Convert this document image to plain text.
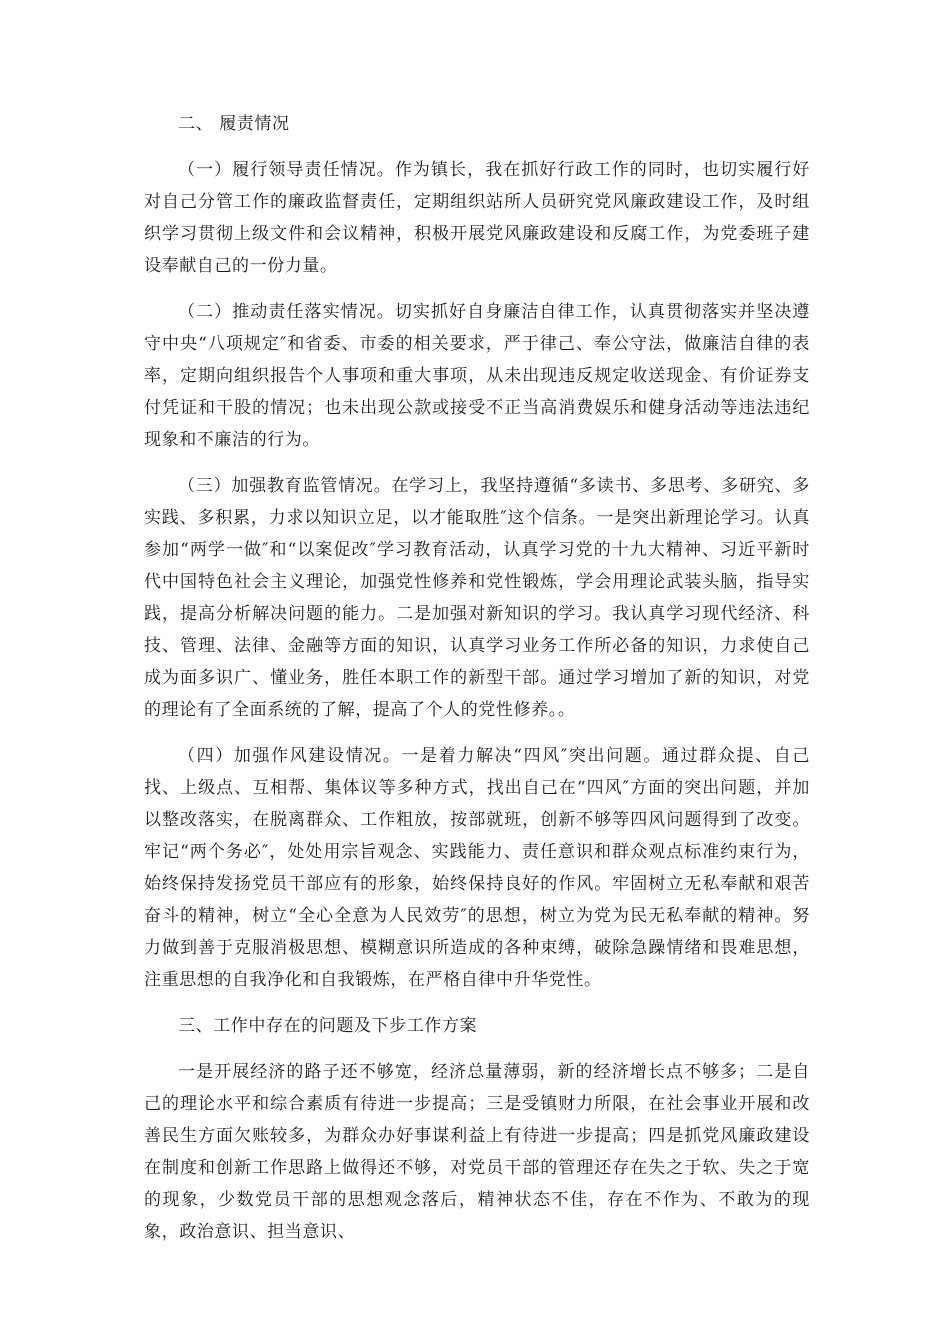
二、 履责情况

（一）履行领导责任情况。作为镇长，我在抓好行政工作的同时，也切实履行好对自己分管工作的廉政监督责任，定期组织站所人员研究党风廉政建设工作，及时组织学习贯彻上级文件和会议精神，积极开展党风廉政建设和反腐工作，为党委班子建设奉献自己的一份力量。

（二）推动责任落实情况。切实抓好自身廉洁自律工作，认真贯彻落实并坚决遵守中央“八项规定″和省委、市委的相关要求，严于律己、奉公守法，做廉洁自律的表率，定期向组织报告个人事项和重大事项，从未出现违反规定收送现金、有价证券支付凭证和干股的情况；也未出现公款或接受不正当高消费娱乐和健身活动等违法违纪现象和不廉洁的行为。

（三）加强教育监管情况。在学习上，我坚持遵循“多读书、多思考、多研究、多实践、多积累，力求以知识立足，以才能取胜″这个信条。一是突出新理论学习。认真参加“两学一做″和“以案促改″学习教育活动，认真学习党的十九大精神、习近平新时代中国特色社会主义理论，加强党性修养和党性锻炼，学会用理论武装头脑，指导实践，提高分析解决问题的能力。二是加强对新知识的学习。我认真学习现代经济、科技、管理、法律、金融等方面的知识，认真学习业务工作所必备的知识，力求使自己成为面多识广、懂业务，胜任本职工作的新型干部。通过学习增加了新的知识，对党的理论有了全面系统的了解，提高了个人的党性修养。。

（四）加强作风建设情况。一是着力解决“四风″突出问题。通过群众提、自己找、上级点、互相帮、集体议等多种方式，找出自己在“四风″方面的突出问题，并加以整改落实，在脱离群众、工作粗放，按部就班，创新不够等四风问题得到了改变。牢记“两个务必″，处处用宗旨观念、实践能力、责任意识和群众观点标准约束行为，始终保持发扬党员干部应有的形象，始终保持良好的作风。牢固树立无私奉献和艰苦奋斗的精神，树立“全心全意为人民效劳″的思想，树立为党为民无私奉献的精神。努力做到善于克服消极思想、模糊意识所造成的各种束缚，破除急躁情绪和畏难思想，注重思想的自我净化和自我锻炼，在严格自律中升华党性。

三、工作中存在的问题及下步工作方案

一是开展经济的路子还不够宽，经济总量薄弱，新的经济增长点不够多；二是自己的理论水平和综合素质有待进一步提高；三是受镇财力所限，在社会事业开展和改善民生方面欠账较多，为群众办好事谋利益上有待进一步提高；四是抓党风廉政建设在制度和创新工作思路上做得还不够，对党员干部的管理还存在失之于软、失之于宽的现象，少数党员干部的思想观念落后，精神状态不佳，存在不作为、不敢为的现象，政治意识、担当意识、
